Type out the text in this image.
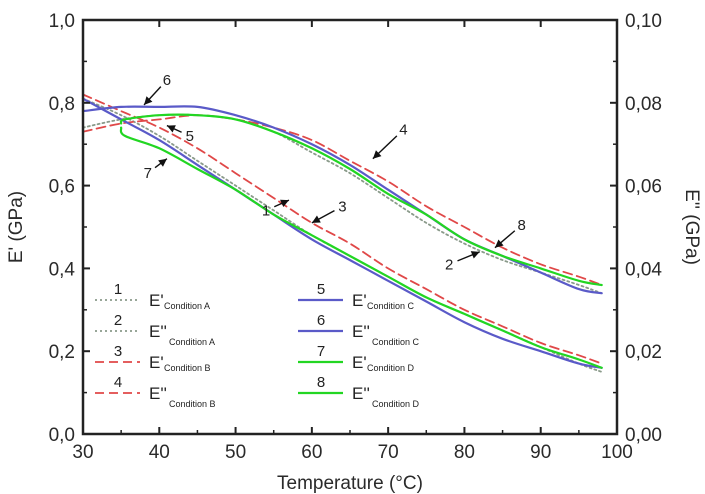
30	40	50	60	70	80	90	100
0,0
0,2
0,4
0,6
0,8
1,0
0,00
0,02
0,04
0,06
0,08
0,10
6
5
7
4
1	3
8
2
1
E' Condition A
2
E''
Condition A
3
E' Condition B
4
E''
Condition B
5
E' Condition C
6
E''
Condition C
7
E' Condition D
8
E''
Condition D
Temperature (°C)
E' (GPa)	E'' (GPa)
